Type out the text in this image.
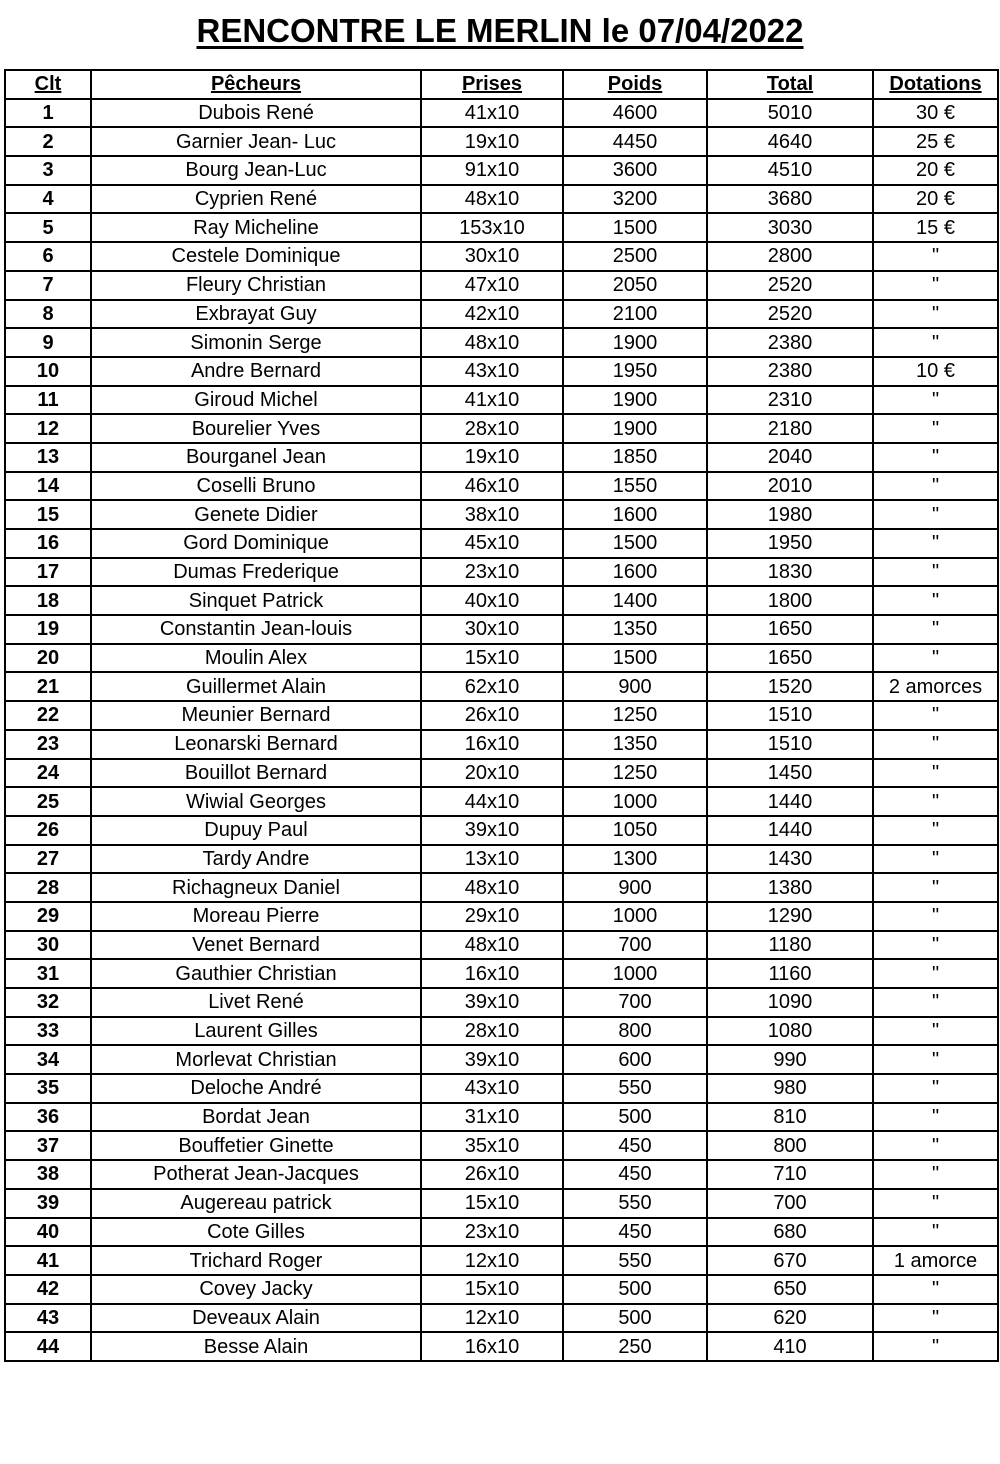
RENCONTRE LE MERLIN le 07/04/2022
Clt	Pêcheurs	Prises	Poids	Total	Dotations
1	Dubois René	41x10	4600	5010	30 €
2	Garnier Jean- Luc	19x10	4450	4640	25 €
3	Bourg Jean-Luc	91x10	3600	4510	20 €
4	Cyprien René	48x10	3200	3680	20 €
5	Ray Micheline	153x10	1500	3030	15 €
6	Cestele Dominique	30x10	2500	2800	"
7	Fleury Christian	47x10	2050	2520	"
8	Exbrayat Guy	42x10	2100	2520	"
9	Simonin Serge	48x10	1900	2380	"
10	Andre Bernard	43x10	1950	2380	10 €
11	Giroud Michel	41x10	1900	2310	"
12	Bourelier Yves	28x10	1900	2180	"
13	Bourganel Jean	19x10	1850	2040	"
14	Coselli Bruno	46x10	1550	2010	"
15	Genete Didier	38x10	1600	1980	"
16	Gord Dominique	45x10	1500	1950	"
17	Dumas Frederique	23x10	1600	1830	"
18	Sinquet Patrick	40x10	1400	1800	"
19	Constantin Jean-louis	30x10	1350	1650	"
20	Moulin Alex	15x10	1500	1650	"
21	Guillermet Alain	62x10	900	1520	2 amorces
22	Meunier Bernard	26x10	1250	1510	"
23	Leonarski Bernard	16x10	1350	1510	"
24	Bouillot Bernard	20x10	1250	1450	"
25	Wiwial Georges	44x10	1000	1440	"
26	Dupuy Paul	39x10	1050	1440	"
27	Tardy Andre	13x10	1300	1430	"
28	Richagneux Daniel	48x10	900	1380	"
29	Moreau Pierre	29x10	1000	1290	"
30	Venet Bernard	48x10	700	1180	"
31	Gauthier Christian	16x10	1000	1160	"
32	Livet René	39x10	700	1090	"
33	Laurent Gilles	28x10	800	1080	"
34	Morlevat Christian	39x10	600	990	"
35	Deloche André	43x10	550	980	"
36	Bordat Jean	31x10	500	810	"
37	Bouffetier Ginette	35x10	450	800	"
38	Potherat Jean-Jacques	26x10	450	710	"
39	Augereau patrick	15x10	550	700	"
40	Cote Gilles	23x10	450	680	"
41	Trichard Roger	12x10	550	670	1 amorce
42	Covey Jacky	15x10	500	650	"
43	Deveaux Alain	12x10	500	620	"
44	Besse Alain	16x10	250	410	"
